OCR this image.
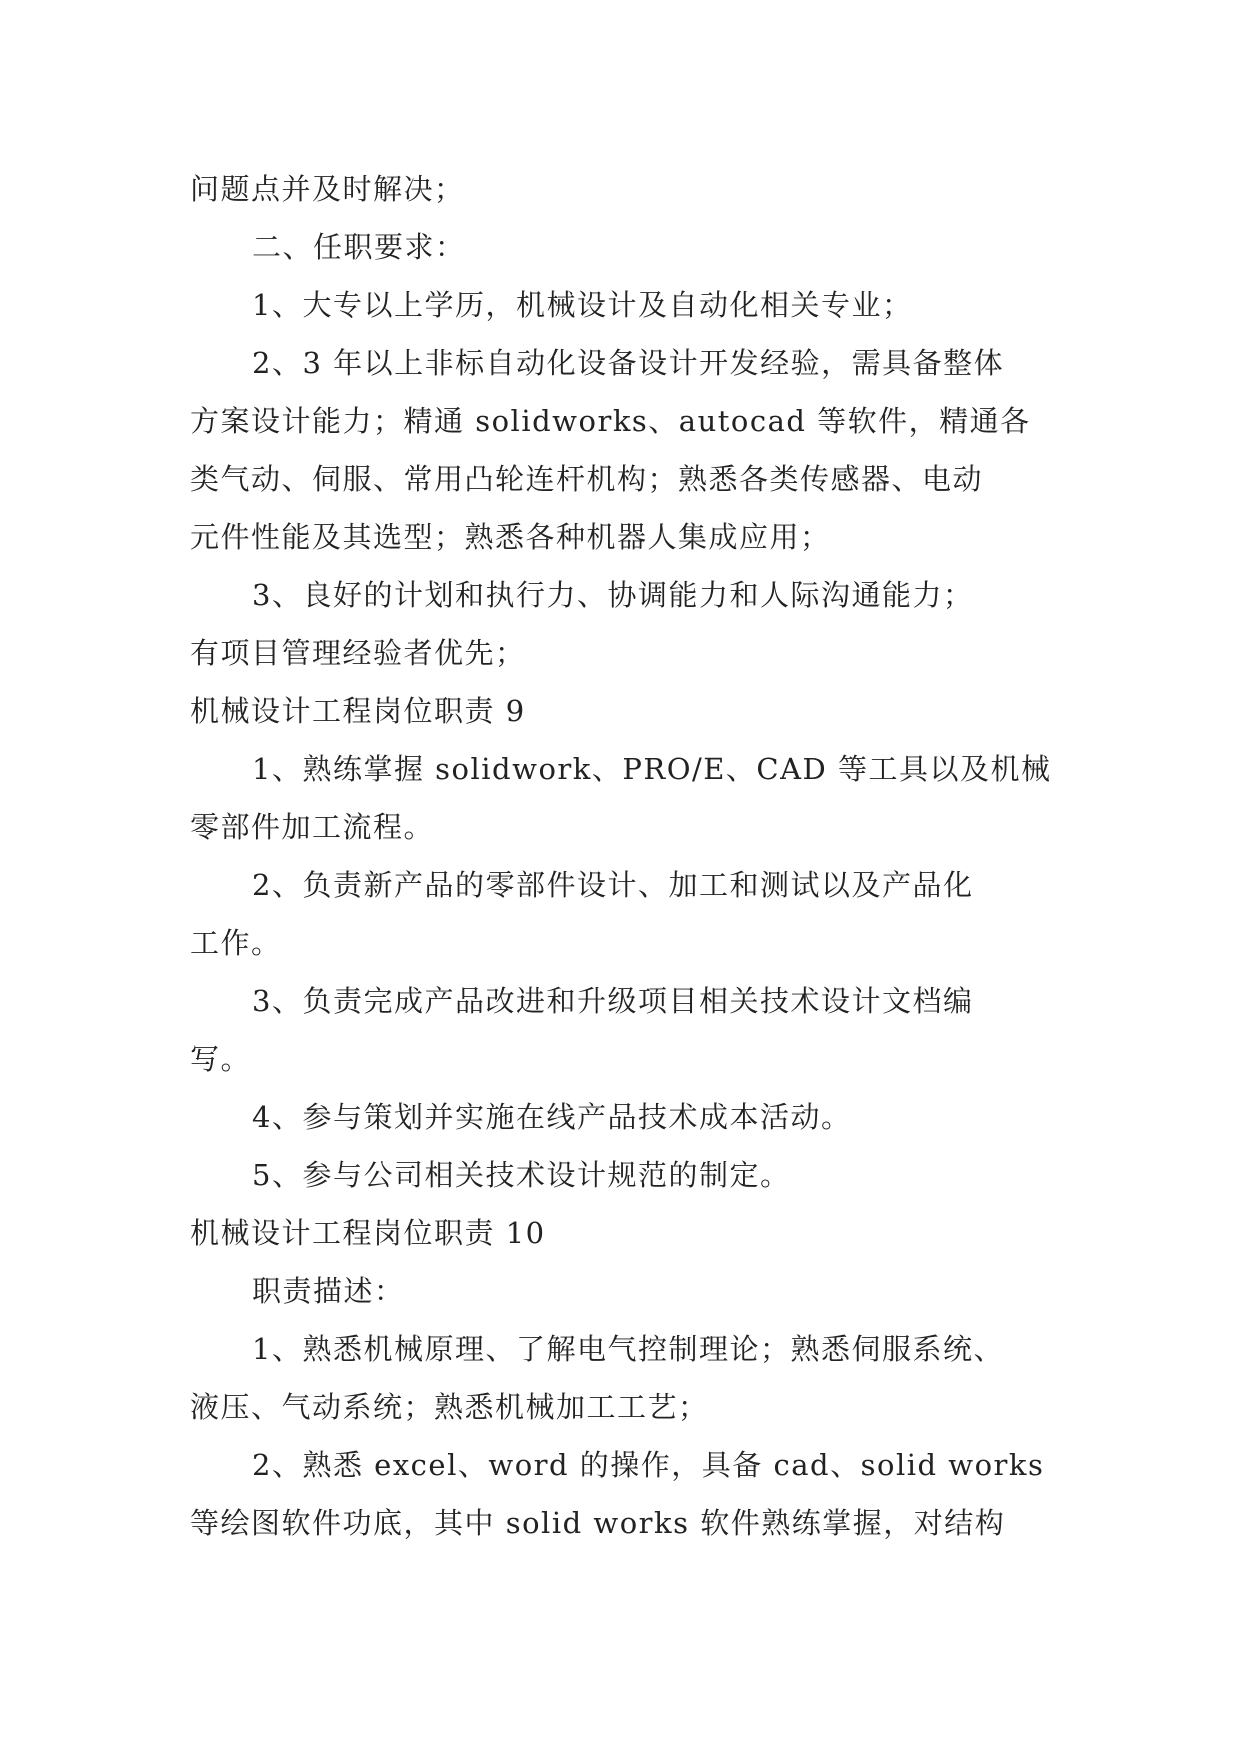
问题点并及时解决；
二、任职要求：
1、大专以上学历，机械设计及自动化相关专业；
2、3 年以上非标自动化设备设计开发经验，需具备整体
方案设计能力；精通 solidworks、autocad 等软件，精通各
类气动、伺服、常用凸轮连杆机构；熟悉各类传感器、电动
元件性能及其选型；熟悉各种机器人集成应用；
3、良好的计划和执行力、协调能力和人际沟通能力；
有项目管理经验者优先；
机械设计工程岗位职责 9
1、熟练掌握 solidwork、PRO/E、CAD 等工具以及机械
零部件加工流程。
2、负责新产品的零部件设计、加工和测试以及产品化
工作。
3、负责完成产品改进和升级项目相关技术设计文档编
写。
4、参与策划并实施在线产品技术成本活动。
5、参与公司相关技术设计规范的制定。
机械设计工程岗位职责 10
职责描述：
1、熟悉机械原理、了解电气控制理论；熟悉伺服系统、
液压、气动系统；熟悉机械加工工艺；
2、熟悉 excel、word 的操作，具备 cad、solid works
等绘图软件功底，其中 solid works 软件熟练掌握，对结构
